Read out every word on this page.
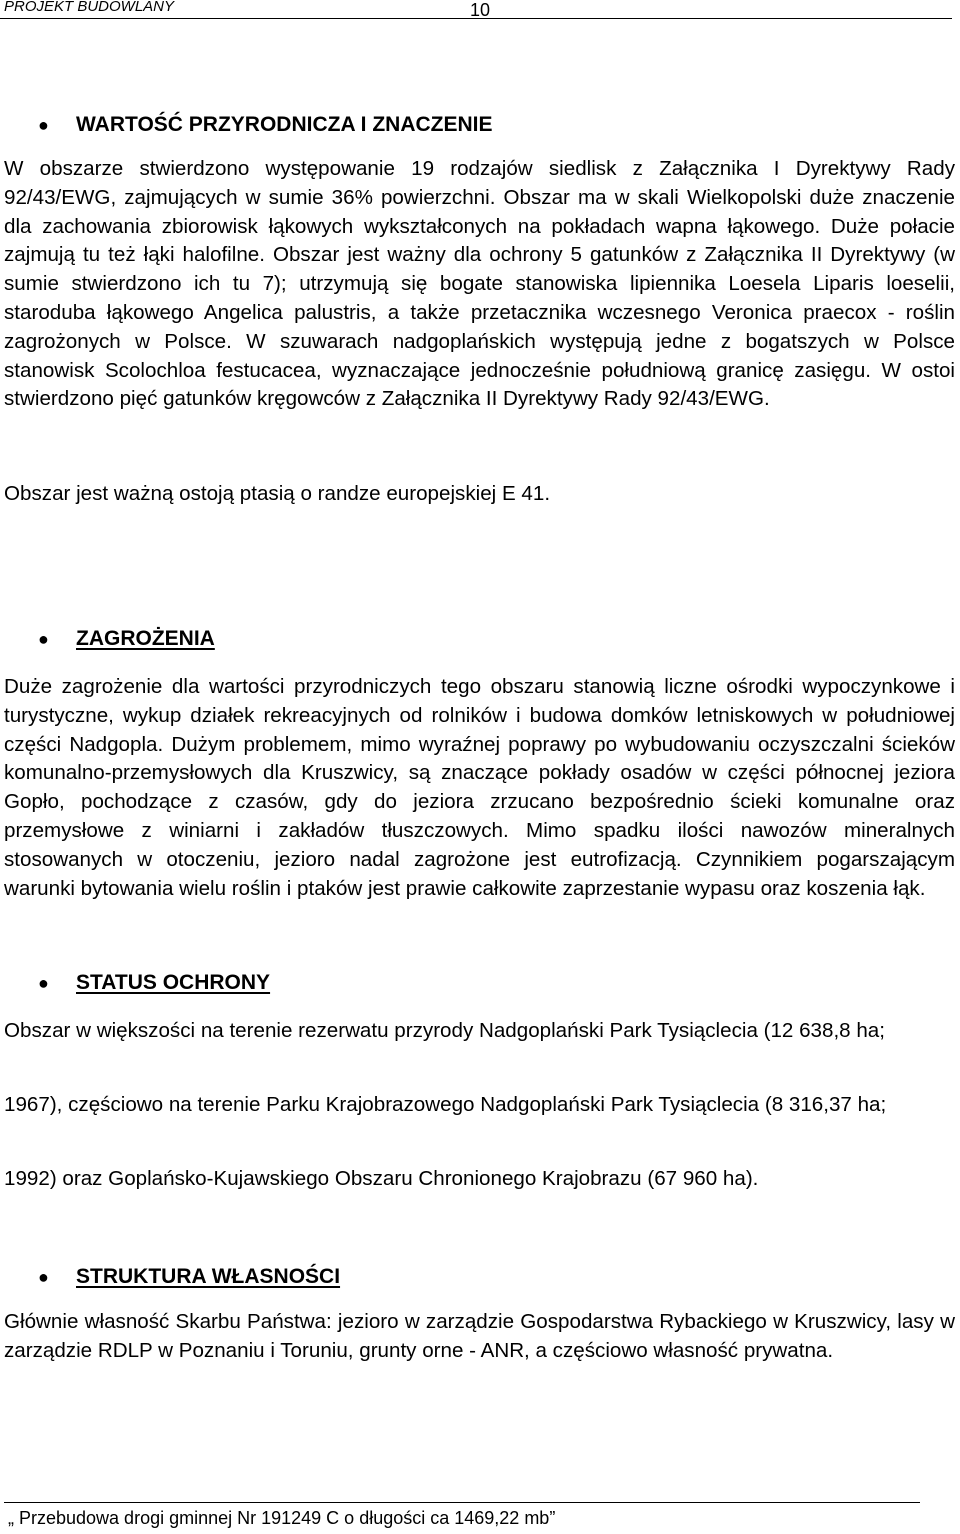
PROJEKT BUDOWLANY	10
● WARTOŚĆ PRZYRODNICZA I ZNACZENIE

W obszarze stwierdzono występowanie 19 rodzajów siedlisk z Załącznika I Dyrektywy Rady 92/43/EWG, zajmujących w sumie 36% powierzchni. Obszar ma w skali Wielkopolski duże znaczenie dla zachowania zbiorowisk łąkowych wykształconych na pokładach wapna łąkowego. Duże połacie zajmują tu też łąki halofilne. Obszar jest ważny dla ochrony 5 gatunków z Załącznika II Dyrektywy (w sumie stwierdzono ich tu 7); utrzymują się bogate stanowiska lipiennika Loesela Liparis loeselii, staroduba łąkowego Angelica palustris, a także przetacznika wczesnego Veronica praecox - roślin zagrożonych w Polsce. W szuwarach nadgoplańskich występują jedne z bogatszych w Polsce stanowisk Scolochloa festucacea, wyznaczające jednocześnie południową granicę zasięgu. W ostoi stwierdzono pięć gatunków kręgowców z Załącznika II Dyrektywy Rady 92/43/EWG.

Obszar jest ważną ostoją ptasią o randze europejskiej E 41.

● ZAGROŻENIA

Duże zagrożenie dla wartości przyrodniczych tego obszaru stanowią liczne ośrodki wypoczynkowe i turystyczne, wykup działek rekreacyjnych od rolników i budowa domków letniskowych w południowej części Nadgopla. Dużym problemem, mimo wyraźnej poprawy po wybudowaniu oczyszczalni ścieków komunalno-przemysłowych dla Kruszwicy, są znaczące pokłady osadów w części północnej jeziora Gopło, pochodzące z czasów, gdy do jeziora zrzucano bezpośrednio ścieki komunalne oraz przemysłowe z winiarni i zakładów tłuszczowych. Mimo spadku ilości nawozów mineralnych stosowanych w otoczeniu, jezioro nadal zagrożone jest eutrofizacją. Czynnikiem pogarszającym warunki bytowania wielu roślin i ptaków jest prawie całkowite zaprzestanie wypasu oraz koszenia łąk.

● STATUS OCHRONY

Obszar w większości na terenie rezerwatu przyrody Nadgoplański Park Tysiąclecia (12 638,8 ha;

1967), częściowo na terenie Parku Krajobrazowego Nadgoplański Park Tysiąclecia (8 316,37 ha;

1992) oraz Goplańsko-Kujawskiego Obszaru Chronionego Krajobrazu (67 960 ha).

● STRUKTURA WŁASNOŚCI

Głównie własność Skarbu Państwa: jezioro w zarządzie Gospodarstwa Rybackiego w Kruszwicy, lasy w zarządzie RDLP w Poznaniu i Toruniu, grunty orne - ANR, a częściowo własność prywatna.

„ Przebudowa drogi gminnej Nr 191249 C o długości ca 1469,22 mb”
